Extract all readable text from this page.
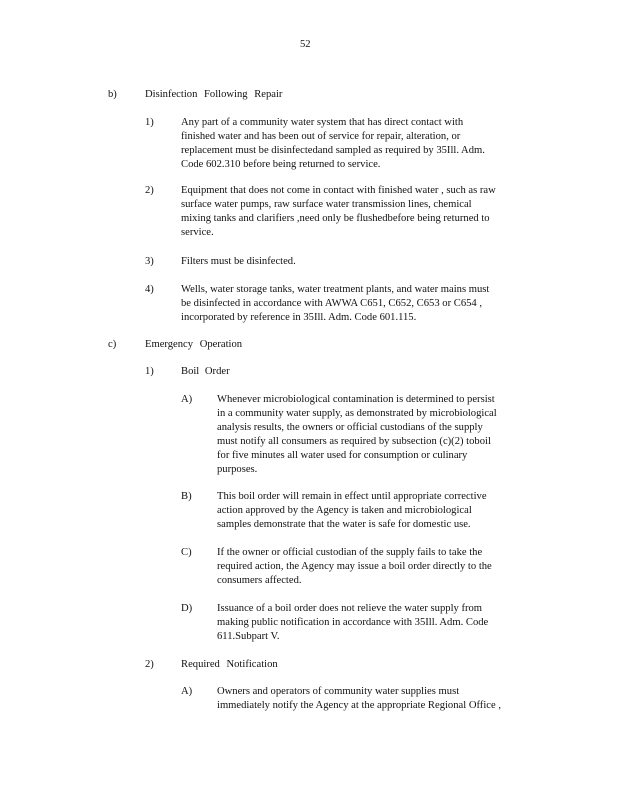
52
b)	Disinfection Following Repair
1)	Any part of a community water system that has direct contact with
finished water and has been out of service for repair, alteration, or
replacement must be disinfectedand sampled as required by 35Ill. Adm.
Code 602.310 before being returned to service.
2)	Equipment that does not come in contact with finished water , such as raw
surface water pumps, raw surface water transmission lines, chemical
mixing tanks and clarifiers ,need only be flushedbefore being returned to
service.
3)	Filters must be disinfected.
4)	Wells, water storage tanks, water treatment plants, and water mains must
be disinfected in accordance with AWWA C651, C652, C653 or C654 ,
incorporated by reference in 35Ill. Adm. Code 601.115.
c)	Emergency Operation
1)	Boil Order
A) Whenever microbiological contamination is determined to persist
in a community water supply, as demonstrated by microbiological
analysis results, the owners or official custodians of the supply
must notify all consumers as required by subsection (c)(2) toboil
for five minutes all water used for consumption or culinary
purposes.
B) This boil order will remain in effect until appropriate corrective
action approved by the Agency is taken and microbiological
samples demonstrate that the water is safe for domestic use.
C) If the owner or official custodian of the supply fails to take the
required action, the Agency may issue a boil order directly to the
consumers affected.
D) Issuance of a boil order does not relieve the water supply from
making public notification in accordance with 35Ill. Adm. Code
611.Subpart V.
2)	Required Notification
A) Owners and operators of community water supplies must
immediately notify the Agency at the appropriate Regional Office ,
